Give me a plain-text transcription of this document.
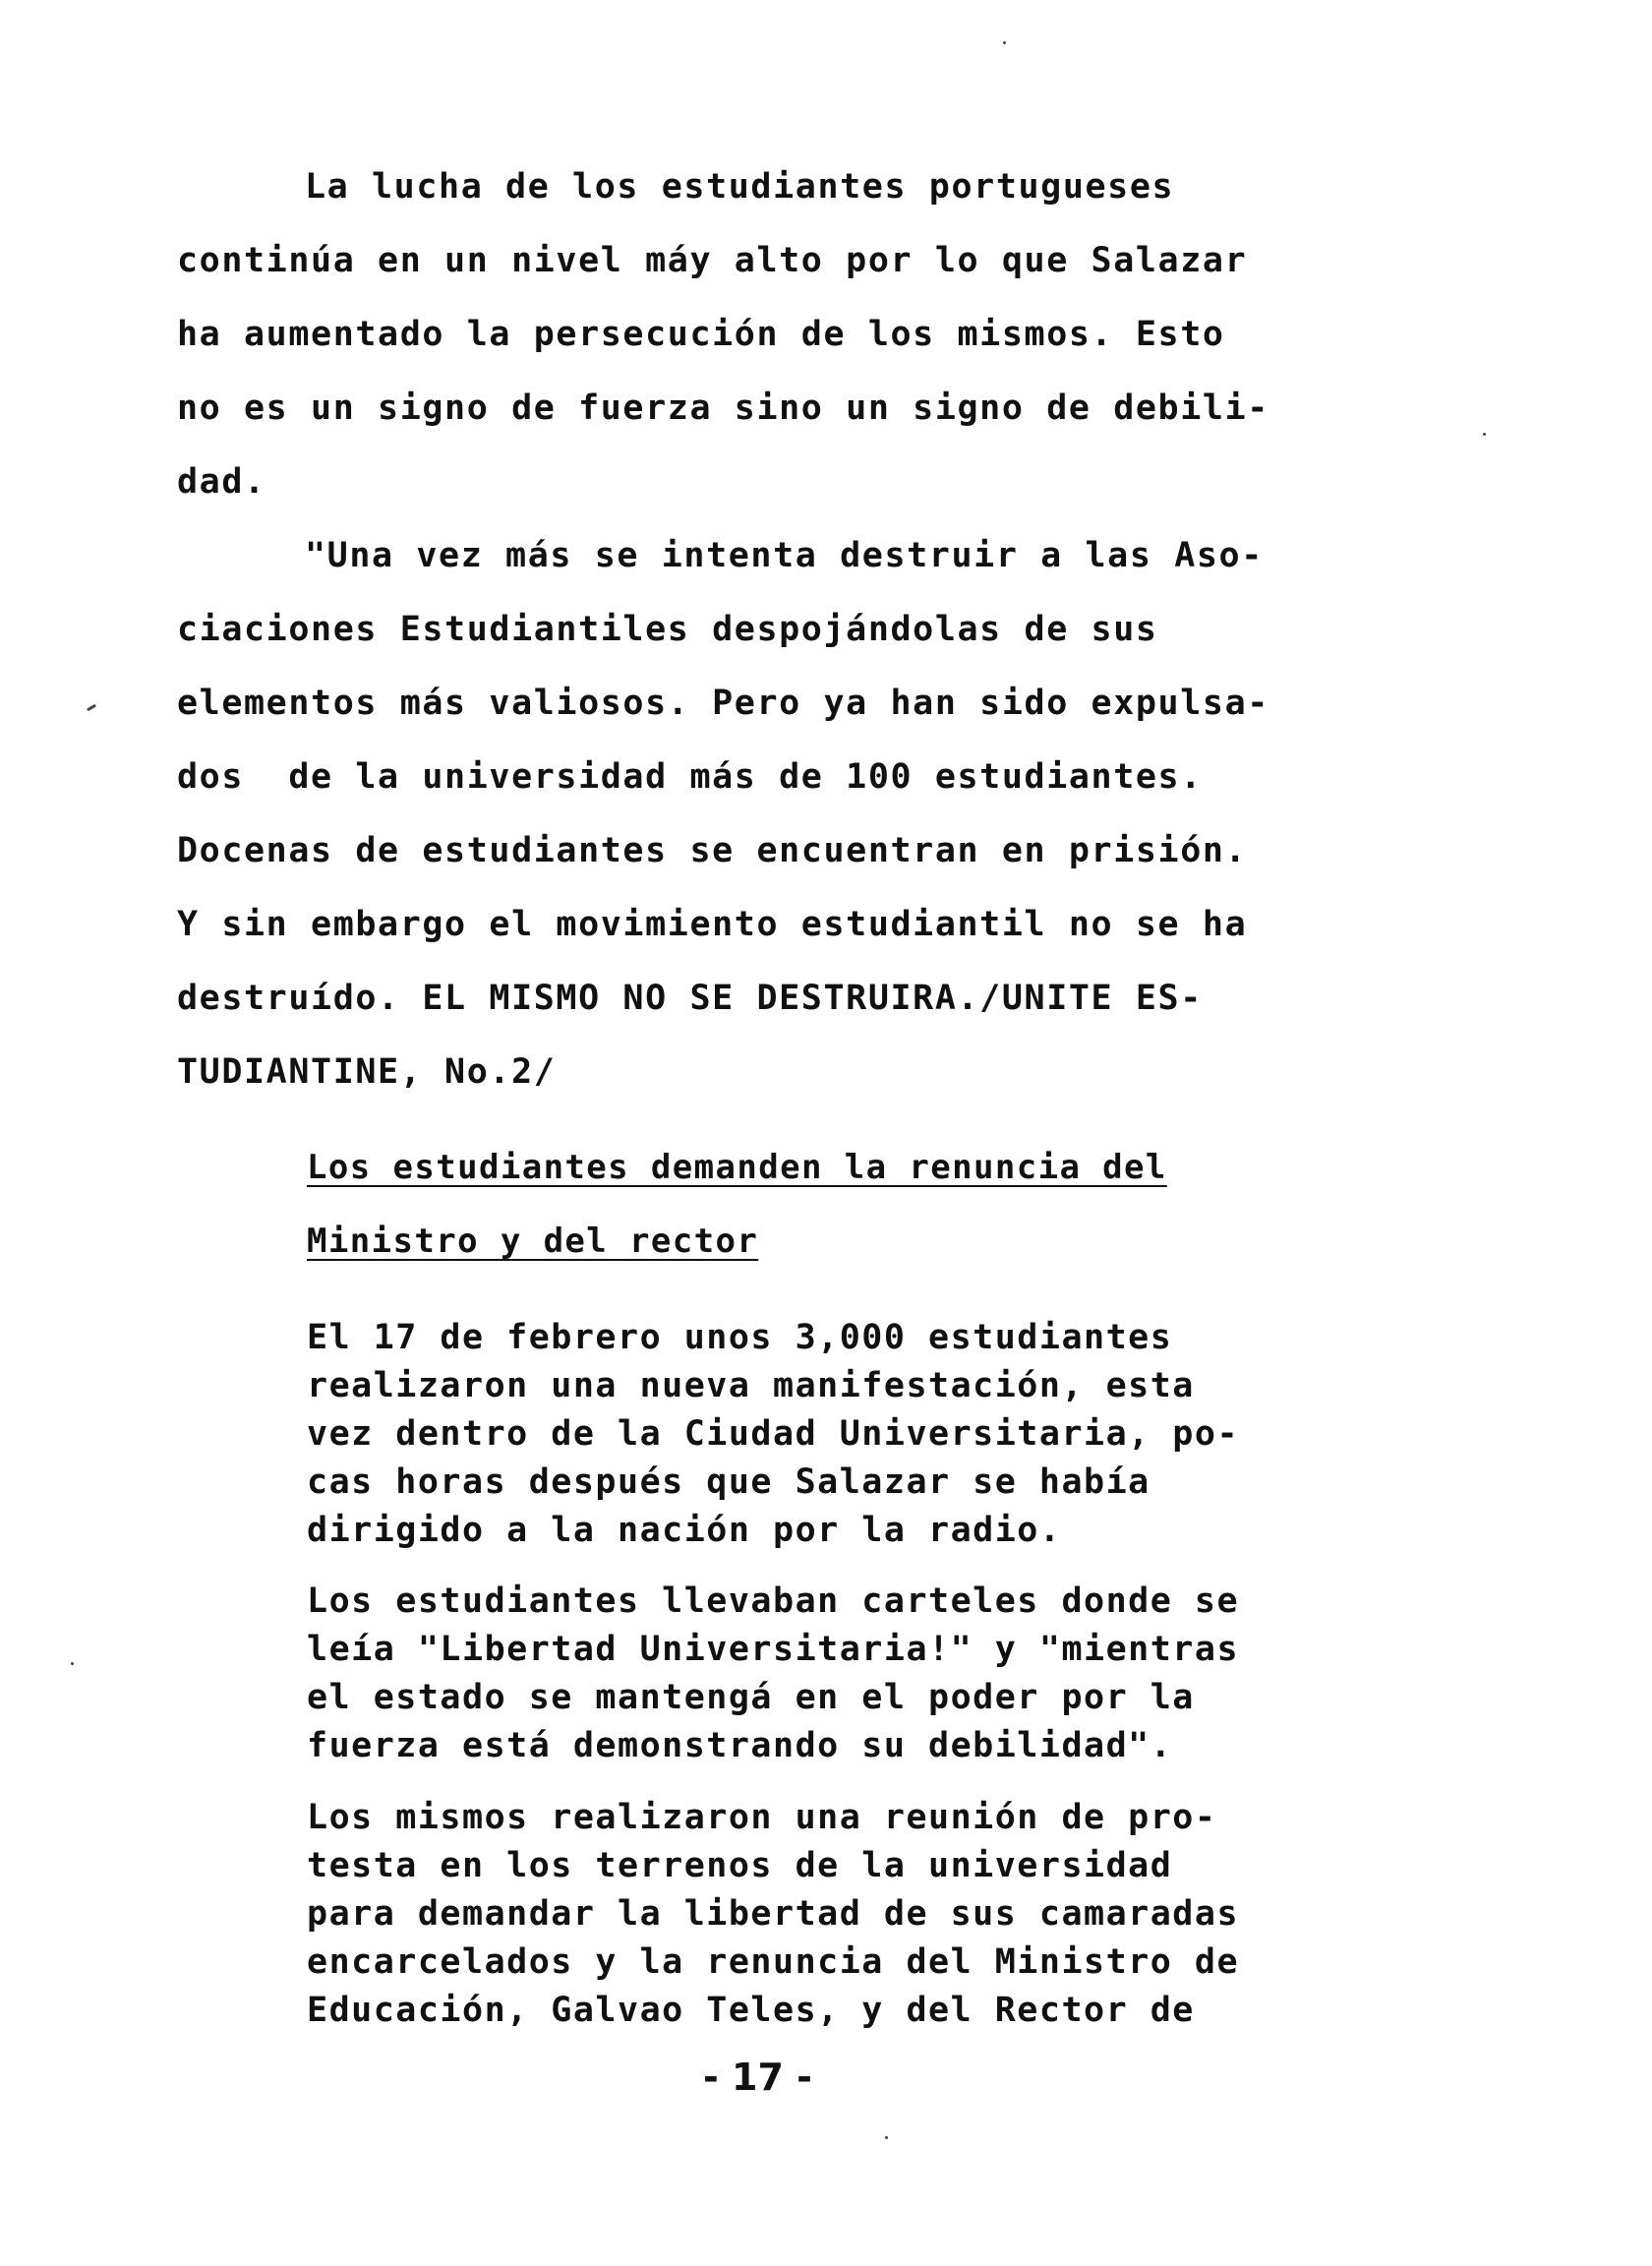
La lucha de los estudiantes portugueses
continúa en un nivel máy alto por lo que Salazar
ha aumentado la persecución de los mismos. Esto
no es un signo de fuerza sino un signo de debili-
dad.
"Una vez más se intenta destruir a las Aso-
ciaciones Estudiantiles despojándolas de sus
elementos más valiosos. Pero ya han sido expulsa-
dos  de la universidad más de 100 estudiantes.
Docenas de estudiantes se encuentran en prisión.
Y sin embargo el movimiento estudiantil no se ha
destruído. EL MISMO NO SE DESTRUIRA./UNITE ES-
TUDIANTINE, No.2/
Los estudiantes demanden la renuncia del
Ministro y del rector
El 17 de febrero unos 3,000 estudiantes
realizaron una nueva manifestación, esta
vez dentro de la Ciudad Universitaria, po-
cas horas después que Salazar se había
dirigido a la nación por la radio.
Los estudiantes llevaban carteles donde se
leía "Libertad Universitaria!" y "mientras
el estado se mantengá en el poder por la
fuerza está demonstrando su debilidad".
Los mismos realizaron una reunión de pro-
testa en los terrenos de la universidad
para demandar la libertad de sus camaradas
encarcelados y la renuncia del Ministro de
Educación, Galvao Teles, y del Rector de
- 17 -
